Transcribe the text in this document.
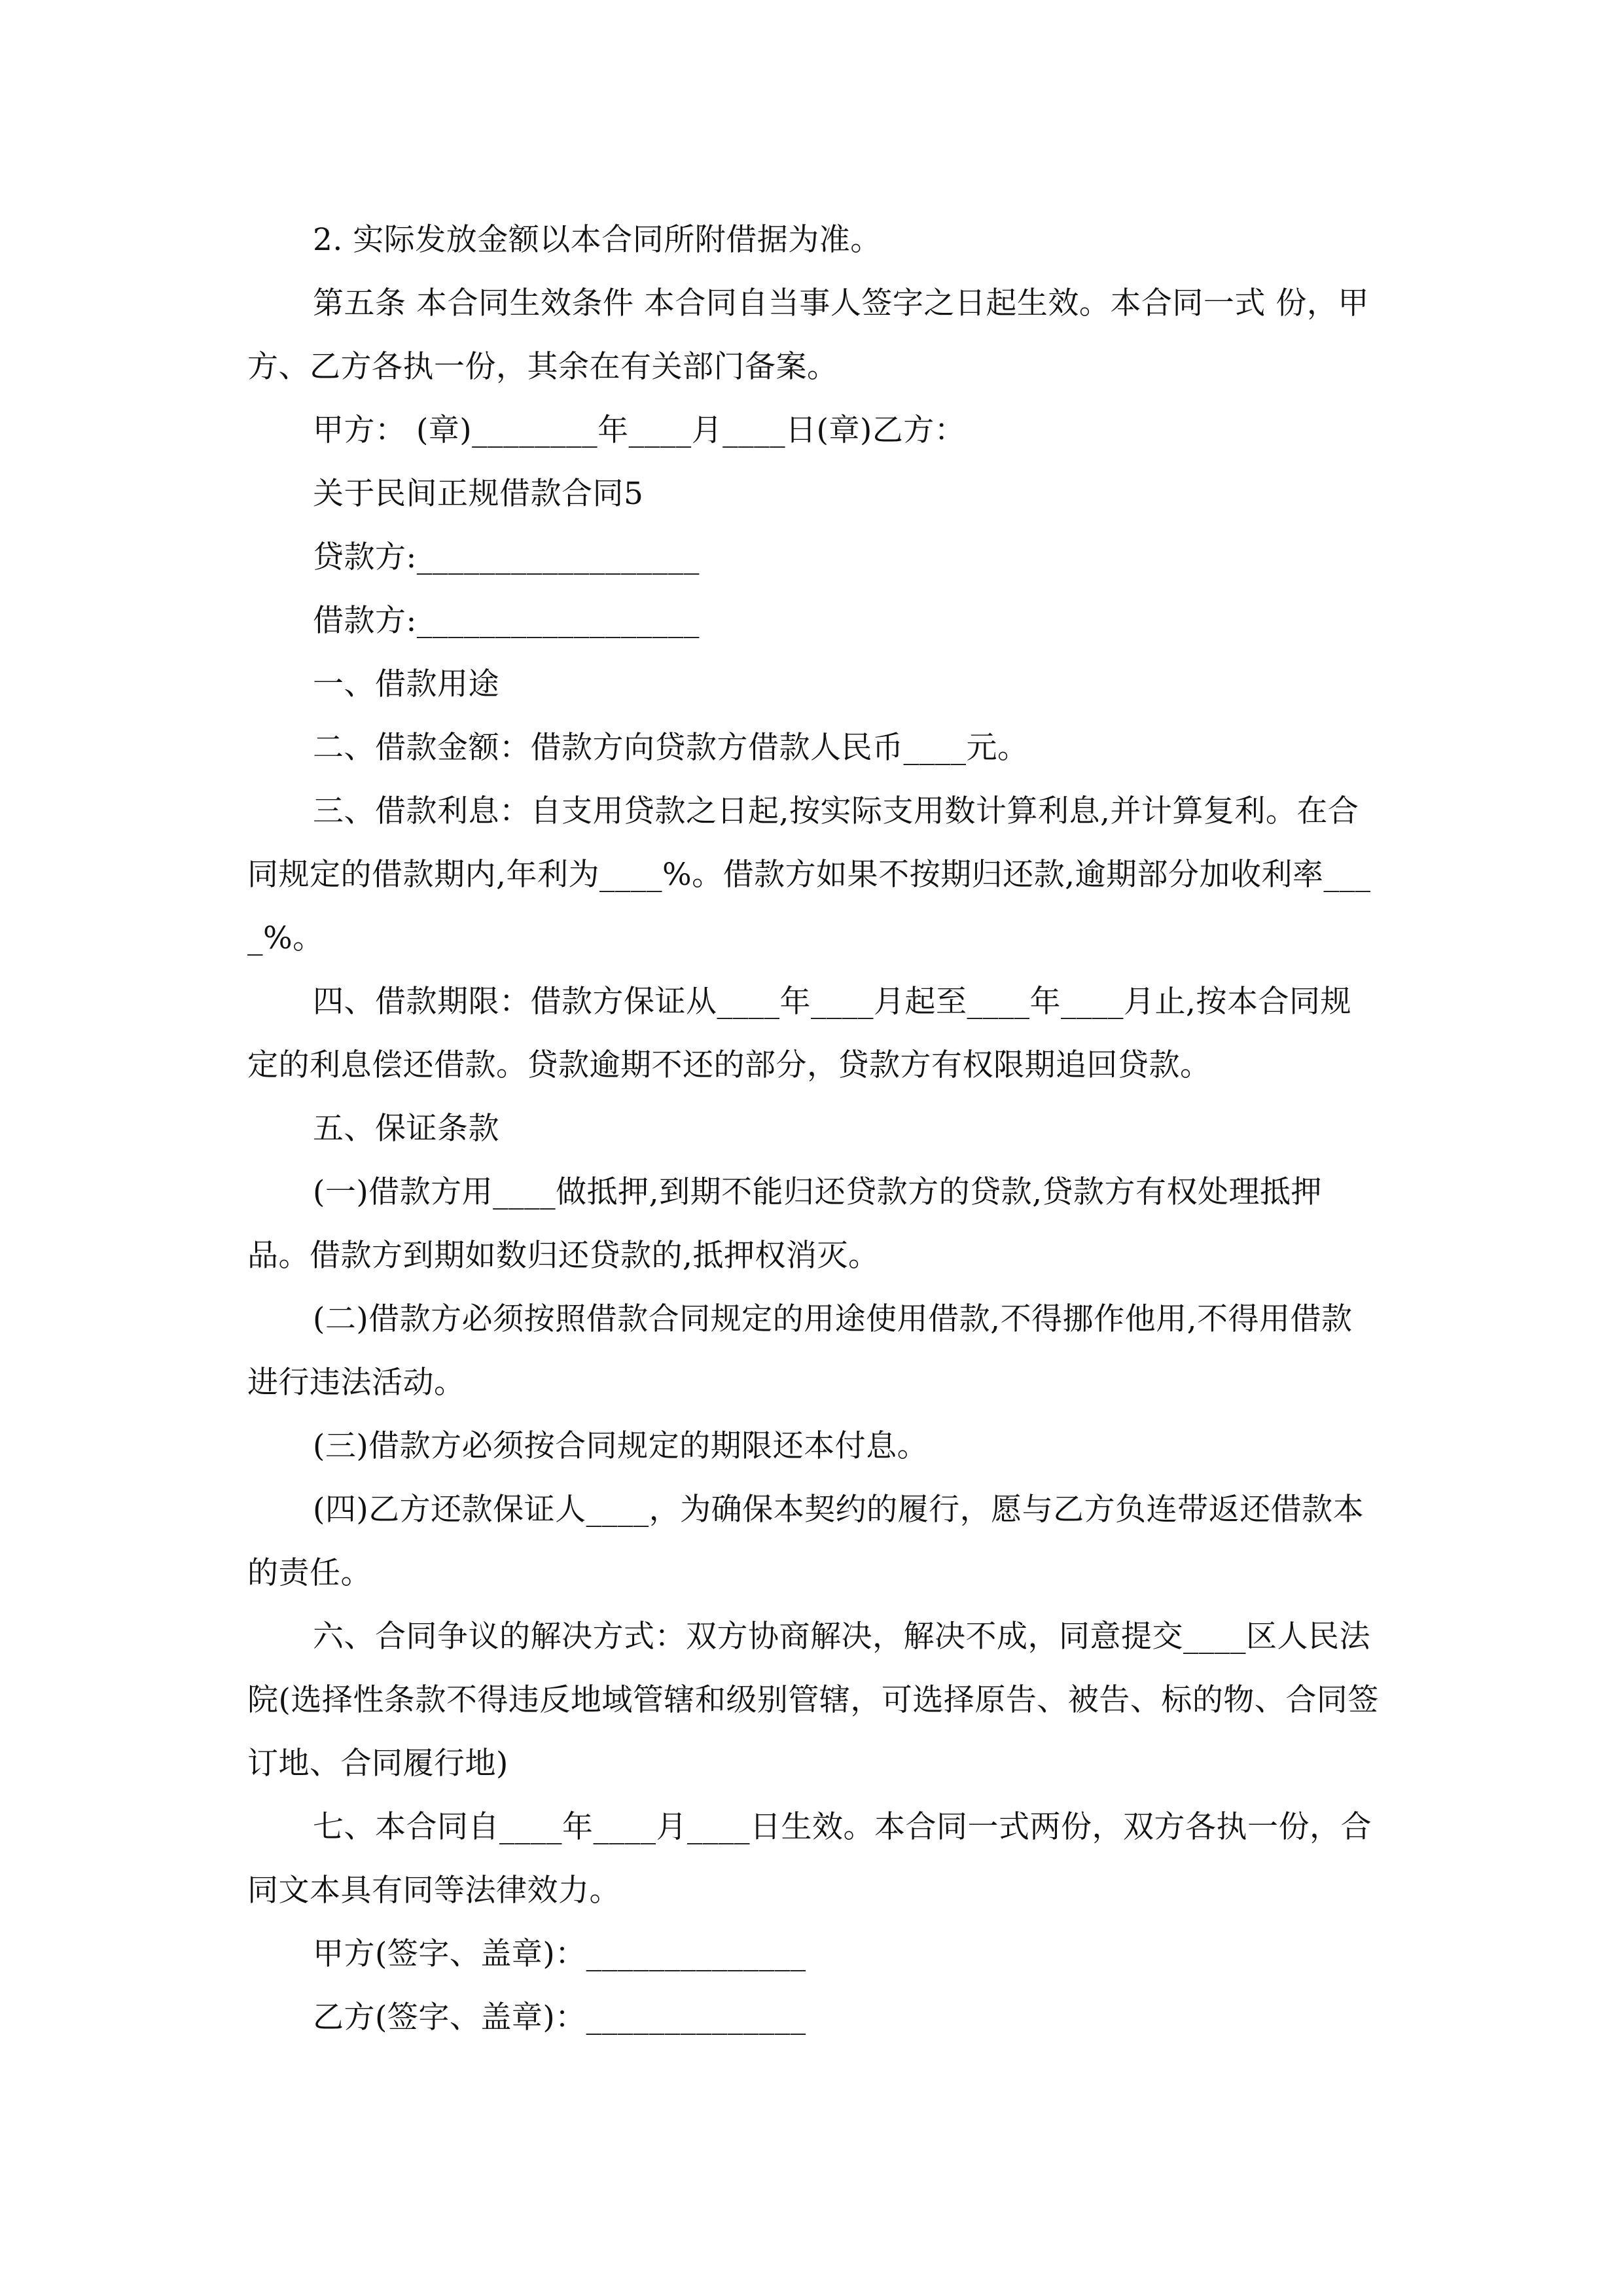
2. 实际发放金额以本合同所附借据为准。

第五条 本合同生效条件 本合同自当事人签字之日起生效。本合同一式 份，甲方、乙方各执一份，其余在有关部门备案。

甲方： (章)________年____月____日(章)乙方：

关于民间正规借款合同5

贷款方:__________________

借款方:__________________

一、借款用途

二、借款金额：借款方向贷款方借款人民币____元。

三、借款利息：自支用贷款之日起,按实际支用数计算利息,并计算复利。在合同规定的借款期内,年利为____%。借款方如果不按期归还款,逾期部分加收利率____%。

四、借款期限：借款方保证从____年____月起至____年____月止,按本合同规定的利息偿还借款。贷款逾期不还的部分，贷款方有权限期追回贷款。

五、保证条款

(一)借款方用____做抵押,到期不能归还贷款方的贷款,贷款方有权处理抵押品。借款方到期如数归还贷款的,抵押权消灭。

(二)借款方必须按照借款合同规定的用途使用借款,不得挪作他用,不得用借款进行违法活动。

(三)借款方必须按合同规定的期限还本付息。

(四)乙方还款保证人____，为确保本契约的履行，愿与乙方负连带返还借款本的责任。

六、合同争议的解决方式：双方协商解决，解决不成，同意提交____区人民法院(选择性条款不得违反地域管辖和级别管辖，可选择原告、被告、标的物、合同签订地、合同履行地)

七、本合同自____年____月____日生效。本合同一式两份，双方各执一份，合同文本具有同等法律效力。

甲方(签字、盖章)：______________

乙方(签字、盖章)：______________
